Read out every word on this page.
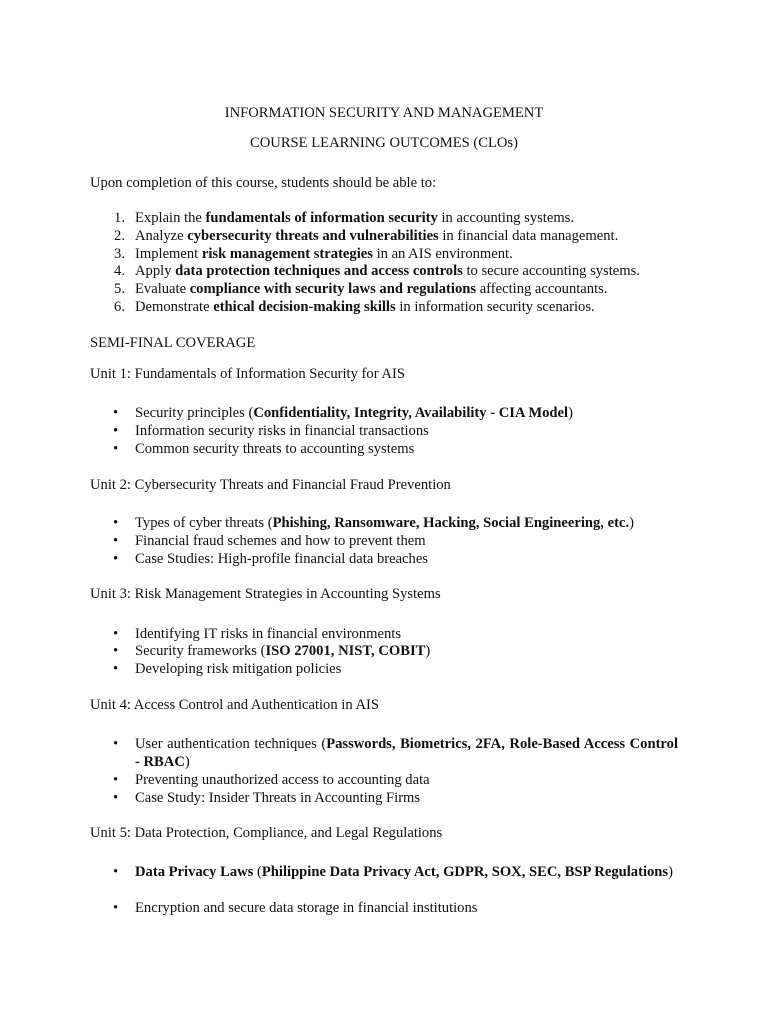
INFORMATION SECURITY AND MANAGEMENT
COURSE LEARNING OUTCOMES (CLOs)
Upon completion of this course, students should be able to:
1. Explain the fundamentals of information security in accounting systems.
2. Analyze cybersecurity threats and vulnerabilities in financial data management.
3. Implement risk management strategies in an AIS environment.
4. Apply data protection techniques and access controls to secure accounting systems.
5. Evaluate compliance with security laws and regulations affecting accountants.
6. Demonstrate ethical decision-making skills in information security scenarios.
SEMI-FINAL COVERAGE
Unit 1: Fundamentals of Information Security for AIS
• Security principles (Confidentiality, Integrity, Availability - CIA Model)
• Information security risks in financial transactions
• Common security threats to accounting systems
Unit 2: Cybersecurity Threats and Financial Fraud Prevention
• Types of cyber threats (Phishing, Ransomware, Hacking, Social Engineering, etc.)
• Financial fraud schemes and how to prevent them
• Case Studies: High-profile financial data breaches
Unit 3: Risk Management Strategies in Accounting Systems
• Identifying IT risks in financial environments
• Security frameworks (ISO 27001, NIST, COBIT)
• Developing risk mitigation policies
Unit 4: Access Control and Authentication in AIS
• User authentication techniques (Passwords, Biometrics, 2FA, Role-Based Access Control - RBAC)
• Preventing unauthorized access to accounting data
• Case Study: Insider Threats in Accounting Firms
Unit 5: Data Protection, Compliance, and Legal Regulations
• Data Privacy Laws (Philippine Data Privacy Act, GDPR, SOX, SEC, BSP Regulations)
• Encryption and secure data storage in financial institutions
